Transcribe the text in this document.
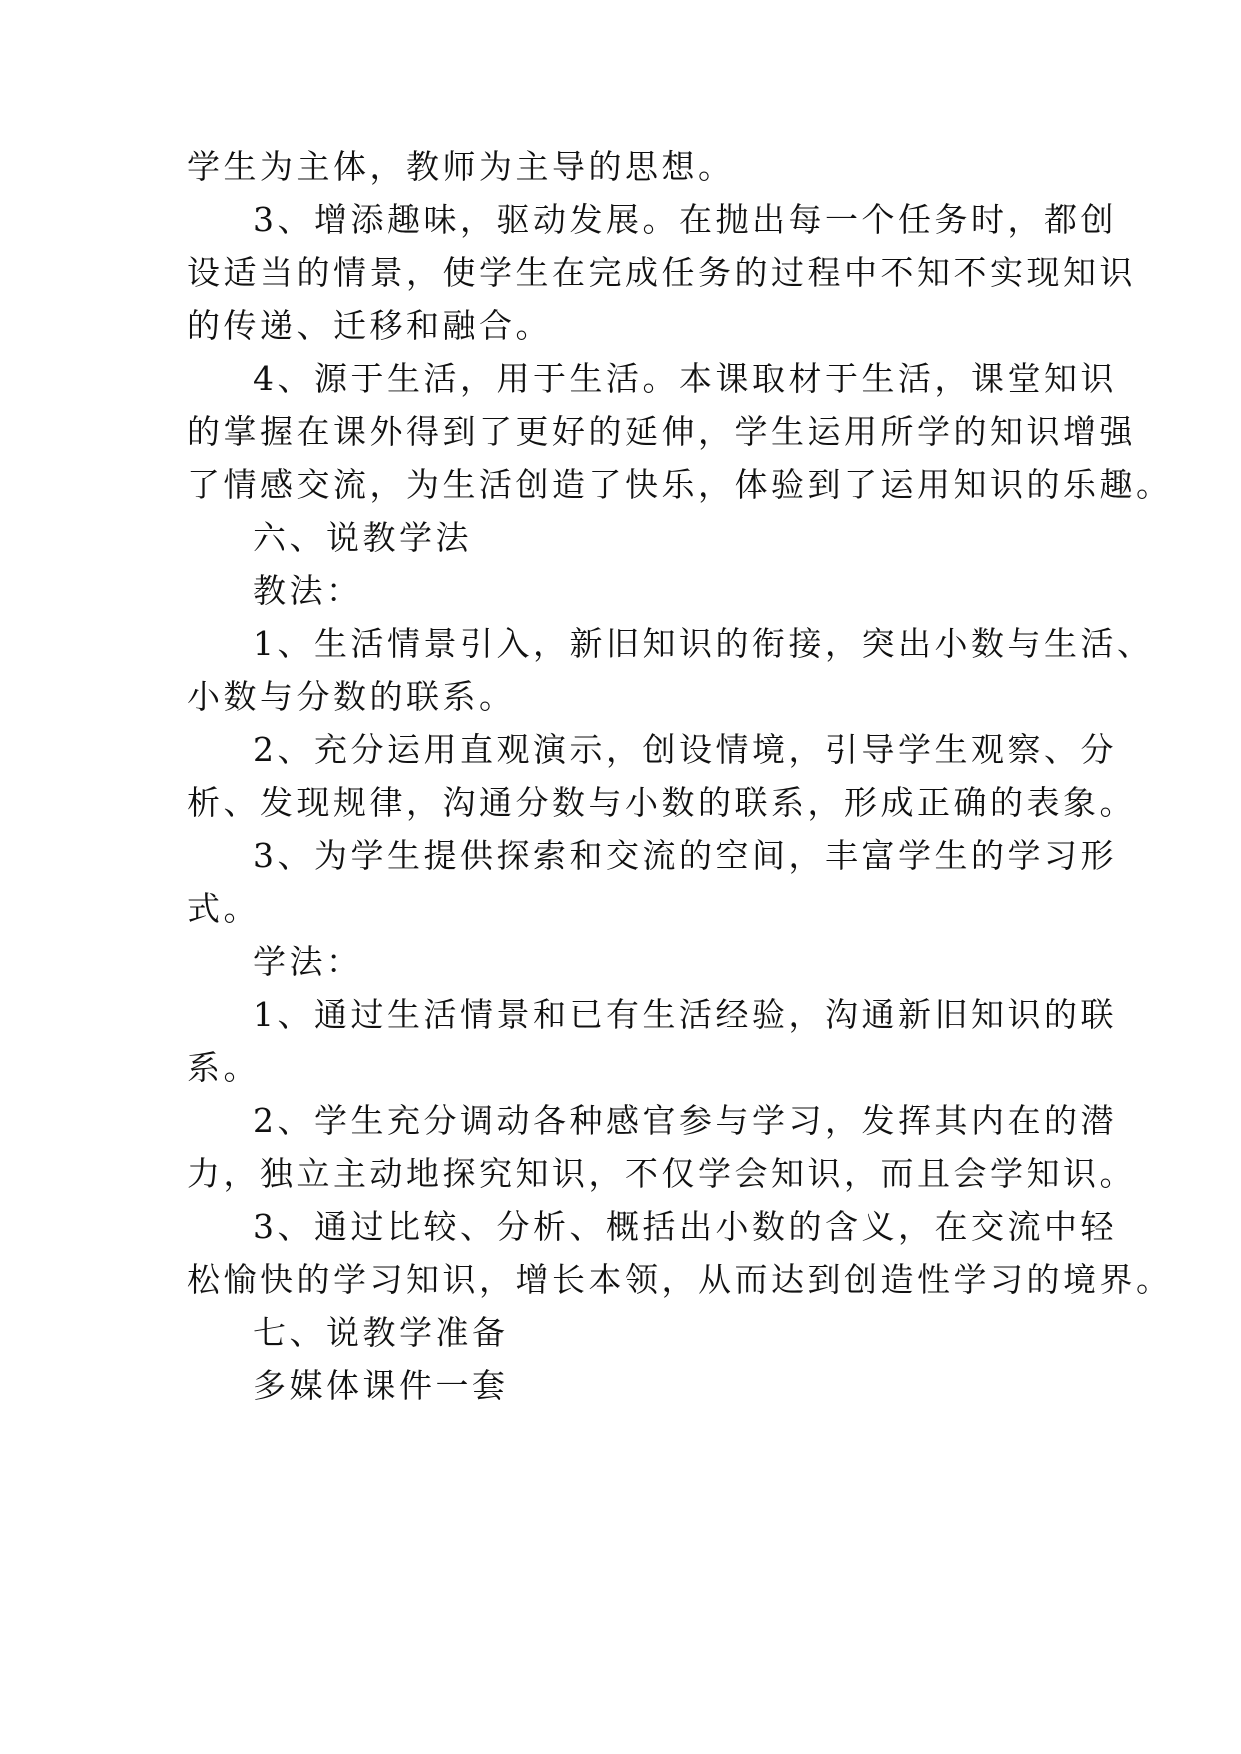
学生为主体，教师为主导的思想。
3、增添趣味，驱动发展。在抛出每一个任务时，都创
设适当的情景，使学生在完成任务的过程中不知不实现知识
的传递、迁移和融合。
4、源于生活，用于生活。本课取材于生活，课堂知识
的掌握在课外得到了更好的延伸，学生运用所学的知识增强
了情感交流，为生活创造了快乐，体验到了运用知识的乐趣。
六、说教学法
教法：
1、生活情景引入，新旧知识的衔接，突出小数与生活、
小数与分数的联系。
2、充分运用直观演示，创设情境，引导学生观察、分
析、发现规律，沟通分数与小数的联系，形成正确的表象。
3、为学生提供探索和交流的空间，丰富学生的学习形
式。
学法：
1、通过生活情景和已有生活经验，沟通新旧知识的联
系。
2、学生充分调动各种感官参与学习，发挥其内在的潜
力，独立主动地探究知识，不仅学会知识，而且会学知识。
3、通过比较、分析、概括出小数的含义，在交流中轻
松愉快的学习知识，增长本领，从而达到创造性学习的境界。
七、说教学准备
多媒体课件一套
